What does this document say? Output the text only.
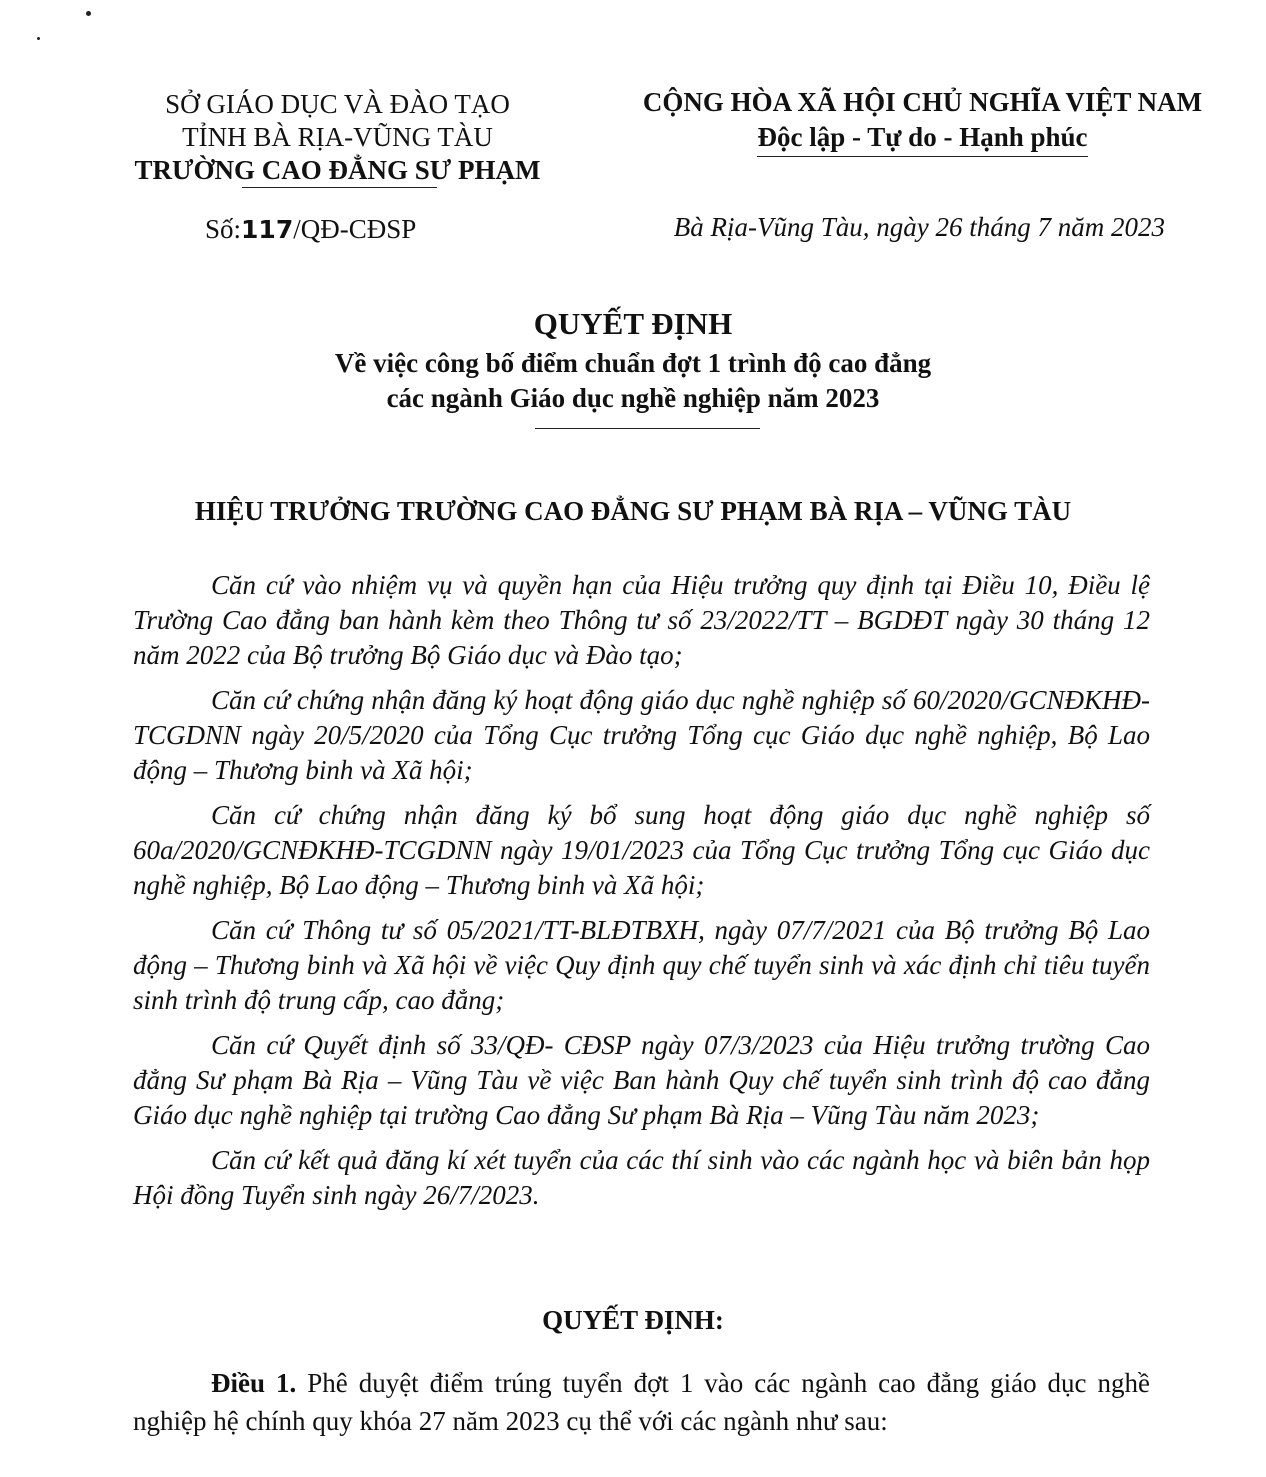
SỞ GIÁO DỤC VÀ ĐÀO TẠO
TỈNH BÀ RỊA-VŨNG TÀU
TRƯỜNG CAO ĐẲNG SƯ PHẠM
CỘNG HÒA XÃ HỘI CHỦ NGHĨA VIỆT NAM
Độc lập - Tự do - Hạnh phúc
Số:117/QĐ-CĐSP	Bà Rịa-Vũng Tàu, ngày 26 tháng 7 năm 2023
QUYẾT ĐỊNH
Về việc công bố điểm chuẩn đợt 1 trình độ cao đẳng
các ngành Giáo dục nghề nghiệp năm 2023
HIỆU TRƯỞNG TRƯỜNG CAO ĐẲNG SƯ PHẠM BÀ RỊA – VŨNG TÀU

Căn cứ vào nhiệm vụ và quyền hạn của Hiệu trưởng quy định tại Điều 10, Điều lệ Trường Cao đẳng ban hành kèm theo Thông tư số 23/2022/TT – BGDĐT ngày 30 tháng 12 năm 2022 của Bộ trưởng Bộ Giáo dục và Đào tạo;

Căn cứ chứng nhận đăng ký hoạt động giáo dục nghề nghiệp số 60/2020/GCNĐKHĐ-TCGDNN ngày 20/5/2020 của Tổng Cục trưởng Tổng cục Giáo dục nghề nghiệp, Bộ Lao động – Thương binh và Xã hội;

Căn cứ chứng nhận đăng ký bổ sung hoạt động giáo dục nghề nghiệp số 60a/2020/GCNĐKHĐ-TCGDNN ngày 19/01/2023 của Tổng Cục trưởng Tổng cục Giáo dục nghề nghiệp, Bộ Lao động – Thương binh và Xã hội;

Căn cứ Thông tư số 05/2021/TT-BLĐTBXH, ngày 07/7/2021 của Bộ trưởng Bộ Lao động – Thương binh và Xã hội về việc Quy định quy chế tuyển sinh và xác định chỉ tiêu tuyển sinh trình độ trung cấp, cao đẳng;

Căn cứ Quyết định số 33/QĐ- CĐSP ngày 07/3/2023 của Hiệu trưởng trường Cao đẳng Sư phạm Bà Rịa – Vũng Tàu về việc Ban hành Quy chế tuyển sinh trình độ cao đẳng Giáo dục nghề nghiệp tại trường Cao đẳng Sư phạm Bà Rịa – Vũng Tàu năm 2023;

Căn cứ kết quả đăng kí xét tuyển của các thí sinh vào các ngành học và biên bản họp Hội đồng Tuyển sinh ngày 26/7/2023.

QUYẾT ĐỊNH:

Điều 1. Phê duyệt điểm trúng tuyển đợt 1 vào các ngành cao đẳng giáo dục nghề nghiệp hệ chính quy khóa 27 năm 2023 cụ thể với các ngành như sau:
